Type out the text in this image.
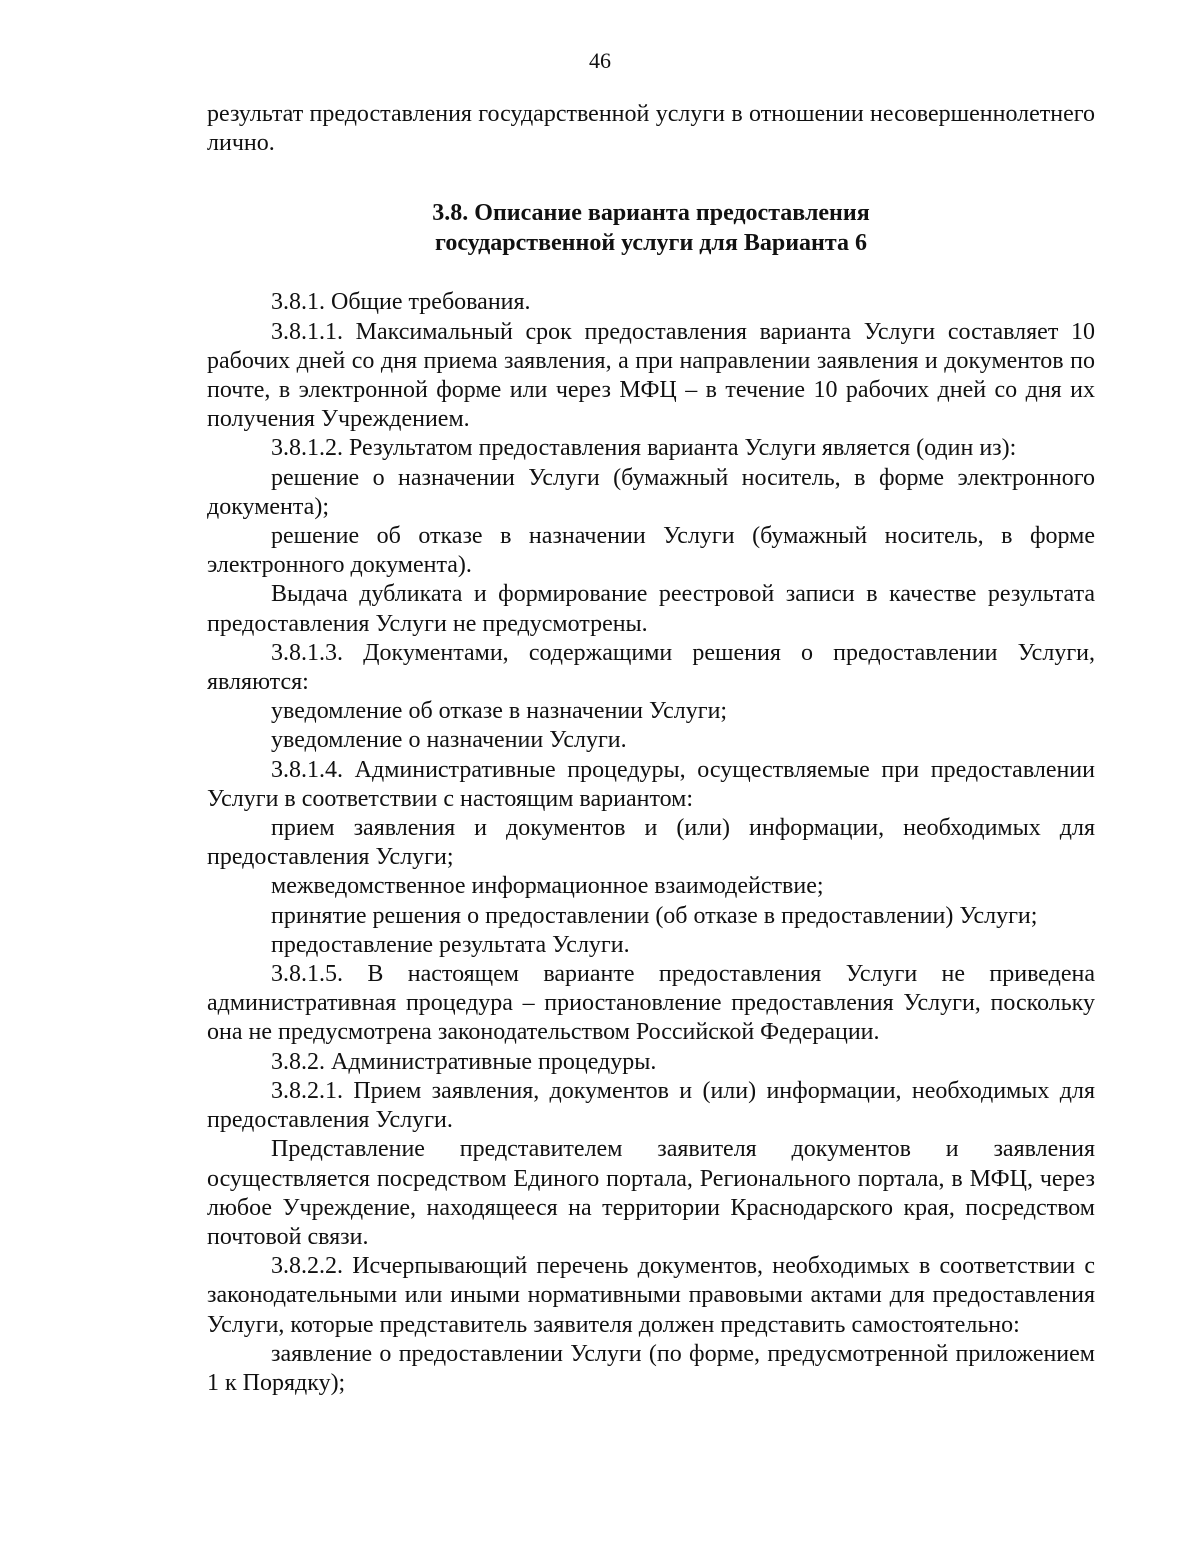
46

результат предоставления государственной услуги в отношении несовершеннолетнего лично.

3.8. Описание варианта предоставления
государственной услуги для Варианта 6

3.8.1. Общие требования.

3.8.1.1. Максимальный срок предоставления варианта Услуги составляет 10 рабочих дней со дня приема заявления, а при направлении заявления и документов по почте, в электронной форме или через МФЦ – в течение 10 рабочих дней со дня их получения Учреждением.

3.8.1.2. Результатом предоставления варианта Услуги является (один из):

решение о назначении Услуги (бумажный носитель, в форме электронного документа);

решение об отказе в назначении Услуги (бумажный носитель, в форме электронного документа).

Выдача дубликата и формирование реестровой записи в качестве результата предоставления Услуги не предусмотрены.

3.8.1.3. Документами, содержащими решения о предоставлении Услуги, являются:

уведомление об отказе в назначении Услуги;

уведомление о назначении Услуги.

3.8.1.4. Административные процедуры, осуществляемые при предоставлении Услуги в соответствии с настоящим вариантом:

прием заявления и документов и (или) информации, необходимых для предоставления Услуги;

межведомственное информационное взаимодействие;

принятие решения о предоставлении (об отказе в предоставлении) Услуги;

предоставление результата Услуги.

3.8.1.5. В настоящем варианте предоставления Услуги не приведена административная процедура – приостановление предоставления Услуги, поскольку она не предусмотрена законодательством Российской Федерации.

3.8.2. Административные процедуры.

3.8.2.1. Прием заявления, документов и (или) информации, необходимых для предоставления Услуги.

Представление представителем заявителя документов и заявления осуществляется посредством Единого портала, Регионального портала, в МФЦ, через любое Учреждение, находящееся на территории Краснодарского края, посредством почтовой связи.

3.8.2.2. Исчерпывающий перечень документов, необходимых в соответствии с законодательными или иными нормативными правовыми актами для предоставления Услуги, которые представитель заявителя должен представить самостоятельно:

заявление о предоставлении Услуги (по форме, предусмотренной приложением 1 к Порядку);
